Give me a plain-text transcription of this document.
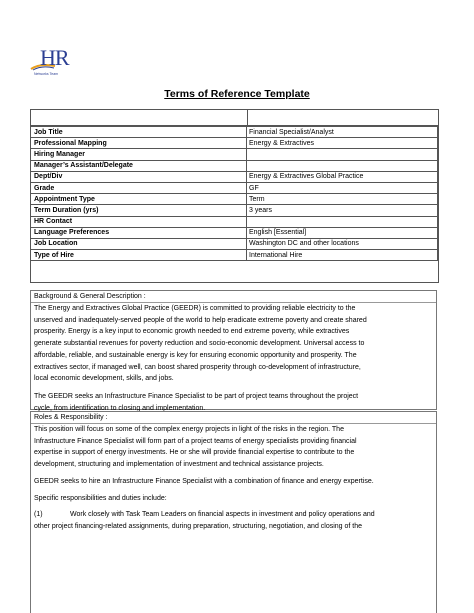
HR
Networks Team
Terms of Reference Template
Job Title	Financial Specialist/Analyst
Professional Mapping	Energy & Extractives
Hiring Manager	
Manager’s Assistant/Delegate	
Dept/Div	Energy & Extractives Global Practice
Grade	GF
Appointment Type	Term
Term Duration (yrs)	3 years
HR Contact	
Language Preferences	English [Essential]
Job Location	Washington DC and other locations
Type of Hire	International Hire
Background & General Description :

The Energy and Extractives Global Practice (GEEDR) is committed to providing reliable electricity to the

unserved and inadequately-served people of the world to help eradicate extreme poverty and create shared

prosperity. Energy is a key input to economic growth needed to end extreme poverty, while extractives

generate substantial revenues for poverty reduction and socio-economic development. Universal access to

affordable, reliable, and sustainable energy is key for ensuring economic opportunity and prosperity. The

extractives sector, if managed well, can boost shared prosperity through co-development of infrastructure,

local economic development, skills, and jobs.

The GEEDR seeks an Infrastructure Finance Specialist to be part of project teams throughout the project

cycle, from identification to closing and implementation.

Roles & Responsibility :

This position will focus on some of the complex energy projects in light of the risks in the region. The

Infrastructure Finance Specialist will form part of a project teams of energy specialists providing financial

expertise in support of energy investments. He or she will provide financial expertise to contribute to the

development, structuring and implementation of investment and technical assistance projects.

GEEDR seeks to hire an Infrastructure Finance Specialist with a combination of finance and energy expertise.

Specific responsibilities and duties include:

(1)	Work closely with Task Team Leaders on financial aspects in investment and policy operations and

other project financing-related assignments, during preparation, structuring, negotiation, and closing of the
